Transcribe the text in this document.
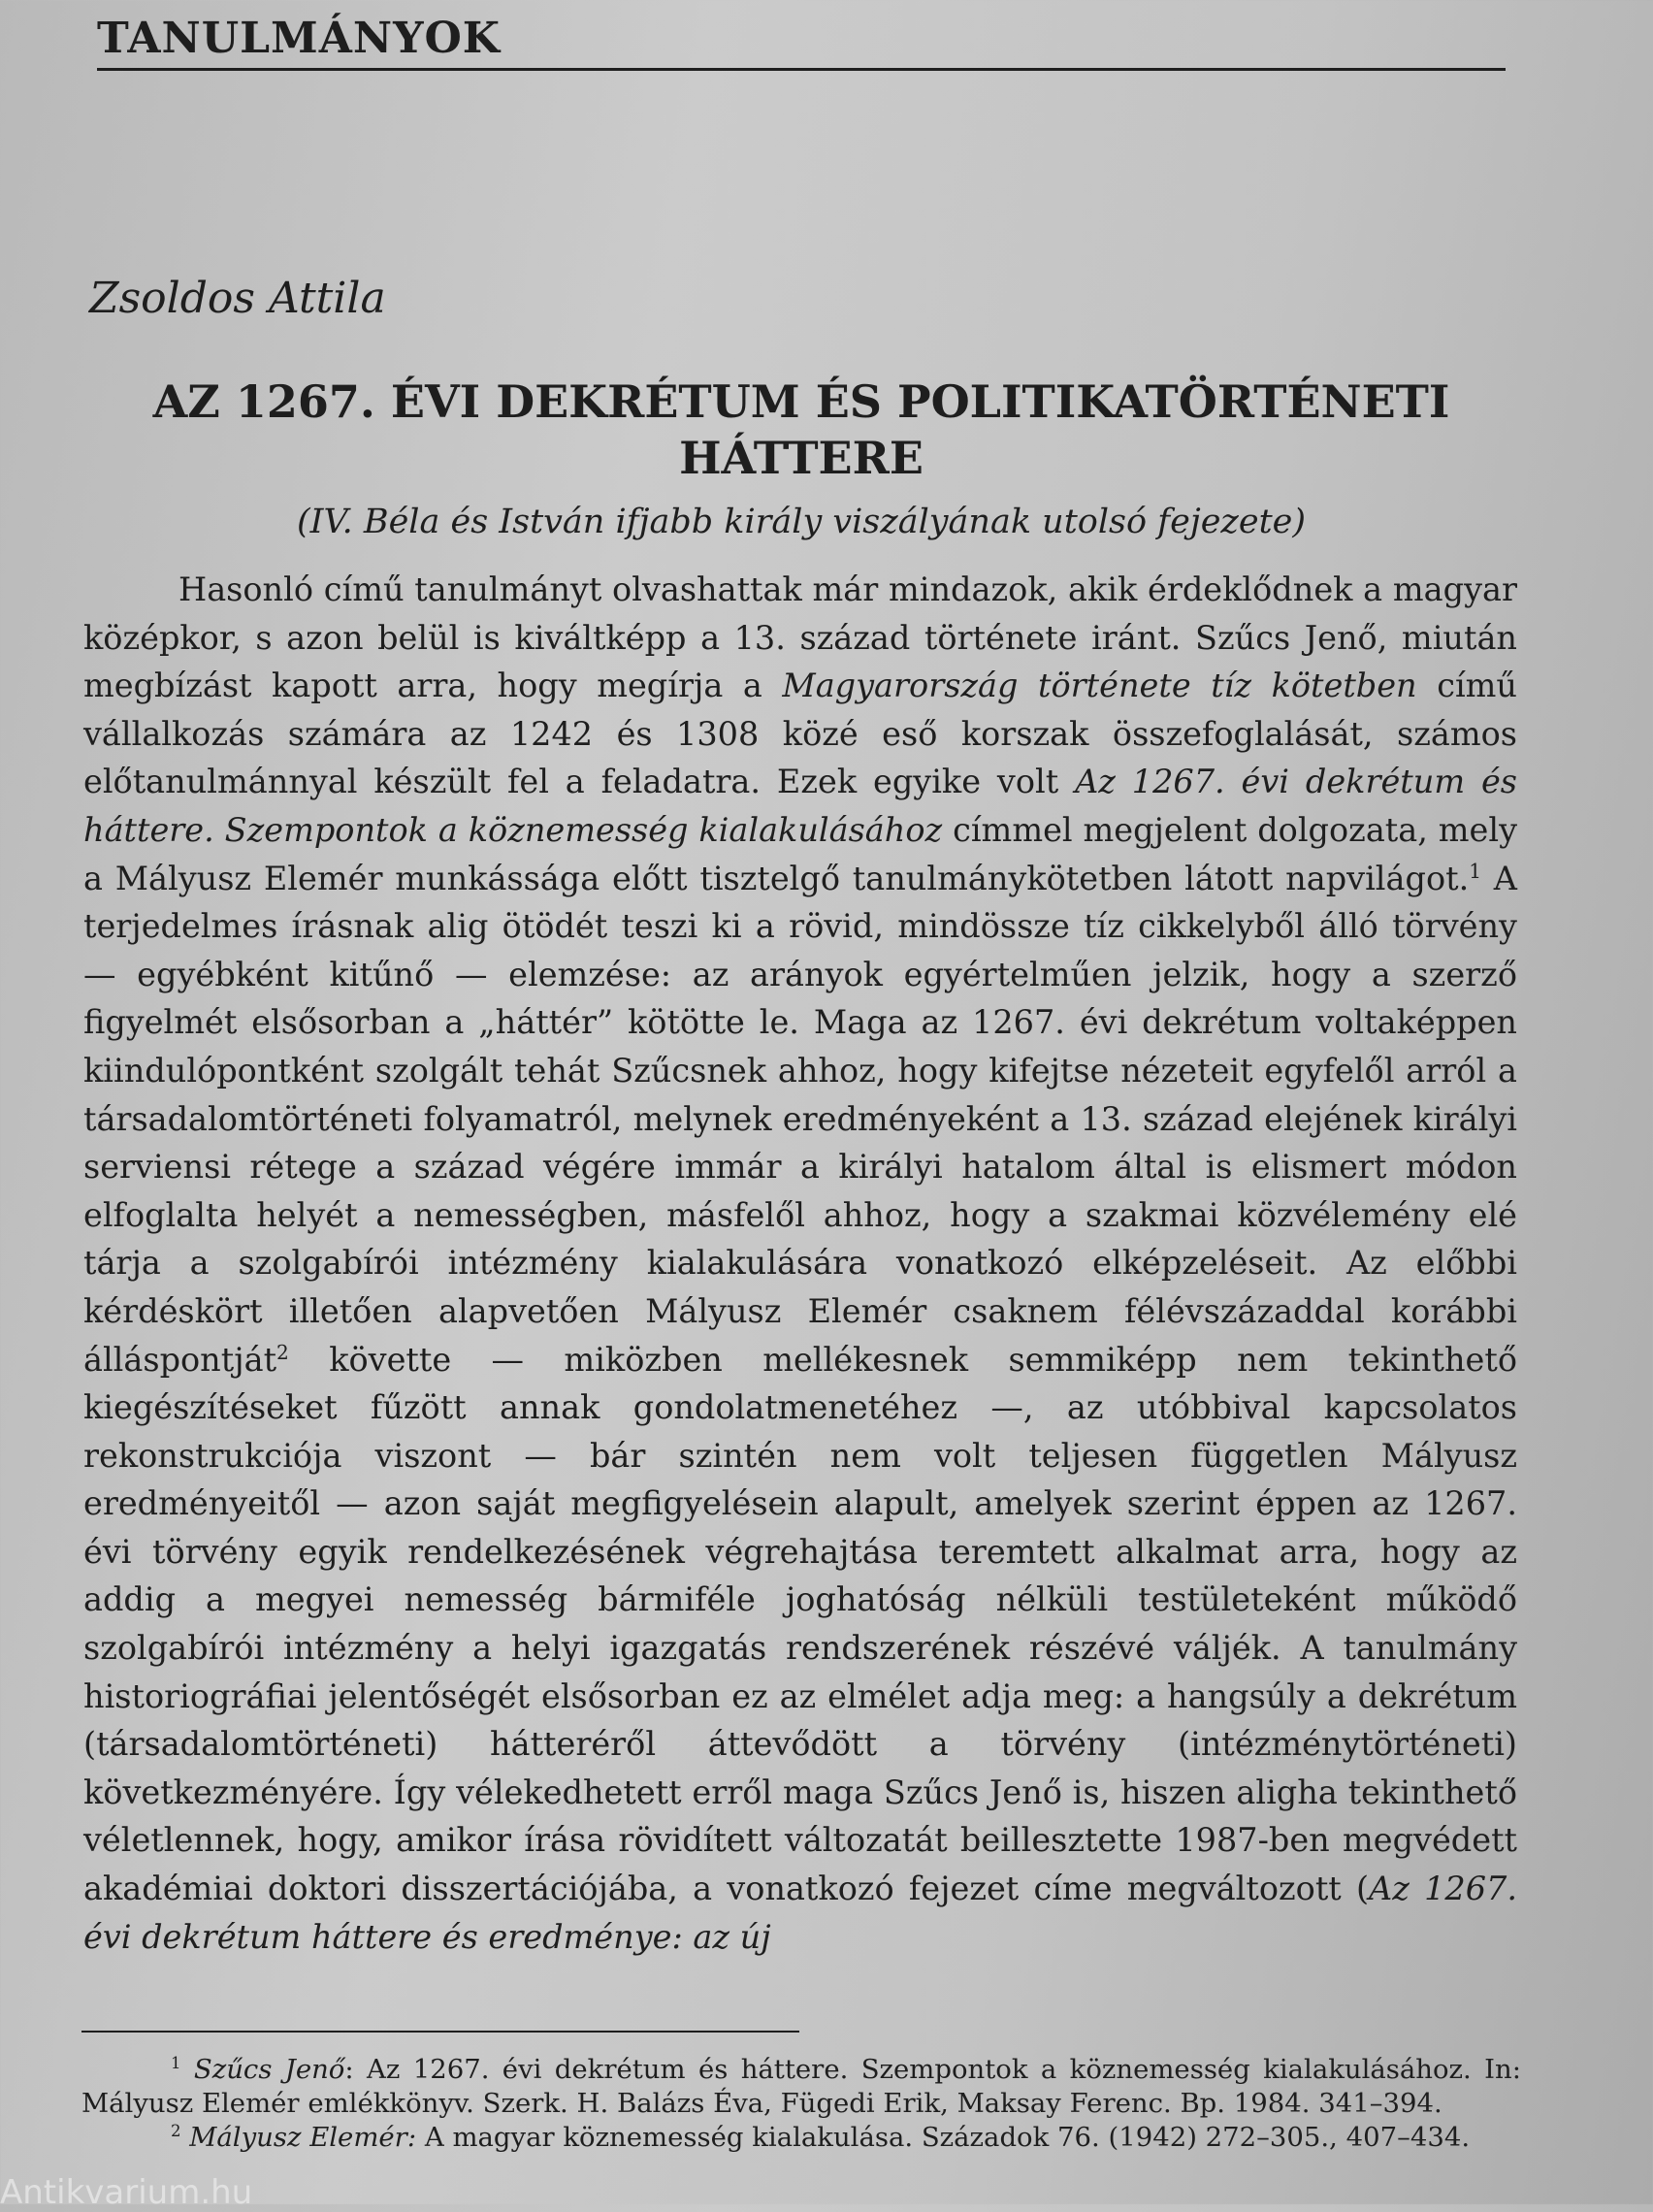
TANULMÁNYOK
Zsoldos Attila
AZ 1267. ÉVI DEKRÉTUM ÉS POLITIKATÖRTÉNETI
HÁTTERE
(IV. Béla és István ifjabb király viszályának utolsó fejezete)

Hasonló című tanulmányt olvashattak már mindazok, akik érdeklődnek a magyar középkor, s azon belül is kiváltképp a 13. század története iránt. Szűcs Jenő, miután megbízást kapott arra, hogy megírja a Magyarország története tíz kötetben című vállalkozás számára az 1242 és 1308 közé eső korszak összefoglalását, számos előtanulmánnyal készült fel a feladatra. Ezek egyike volt Az 1267. évi dekrétum és háttere. Szempontok a köznemesség kialakulásához címmel megjelent dolgozata, mely a Mályusz Elemér munkássága előtt tisztelgő tanulmánykötetben látott napvilágot.$^1$ A terjedelmes írásnak alig ötödét teszi ki a rövid, mindössze tíz cikkelyből álló törvény — egyébként kitűnő — elemzése: az arányok egyértelműen jelzik, hogy a szerző figyelmét elsősorban a „háttér” kötötte le. Maga az 1267. évi dekrétum voltaképpen kiindulópontként szolgált tehát Szűcsnek ahhoz, hogy kifejtse nézeteit egyfelől arról a társadalomtörténeti folyamatról, melynek eredményeként a 13. század elejének királyi serviensi rétege a század végére immár a királyi hatalom által is elismert módon elfoglalta helyét a nemességben, másfelől ahhoz, hogy a szakmai közvélemény elé tárja a szolgabírói intézmény kialakulására vonatkozó elképzeléseit. Az előbbi kérdéskört illetően alapvetően Mályusz Elemér csaknem félévszázaddal korábbi álláspontját$^2$ követte — miközben mellékesnek semmiképp nem tekinthető kiegészítéseket fűzött annak gondolatmenetéhez —, az utóbbival kapcsolatos rekonstrukciója viszont — bár szintén nem volt teljesen független Mályusz eredményeitől — azon saját megfigyelésein alapult, amelyek szerint éppen az 1267. évi törvény egyik rendelkezésének végrehajtása teremtett alkalmat arra, hogy az addig a megyei nemesség bármiféle joghatóság nélküli testületeként működő szolgabírói intézmény a helyi igazgatás rendszerének részévé váljék. A tanulmány historiográfiai jelentőségét elsősorban ez az elmélet adja meg: a hangsúly a dekrétum (társadalomtörténeti) hátteréről áttevődött a törvény (intézménytörténeti) következményére. Így vélekedhetett erről maga Szűcs Jenő is, hiszen aligha tekinthető véletlennek, hogy, amikor írása rövidített változatát beillesztette 1987-ben megvédett akadémiai doktori disszertációjába, a vonatkozó fejezet címe megváltozott (Az 1267. évi dekrétum háttere és eredménye: az új

$^1$ Szűcs Jenő: Az 1267. évi dekrétum és háttere. Szempontok a köznemesség kialakulásához. In: Mályusz Elemér emlékkönyv. Szerk. H. Balázs Éva, Fügedi Erik, Maksay Ferenc. Bp. 1984. 341–394.

$^2$ Mályusz Elemér: A magyar köznemesség kialakulása. Századok 76. (1942) 272–305., 407–434.

Antikvarium.hu
